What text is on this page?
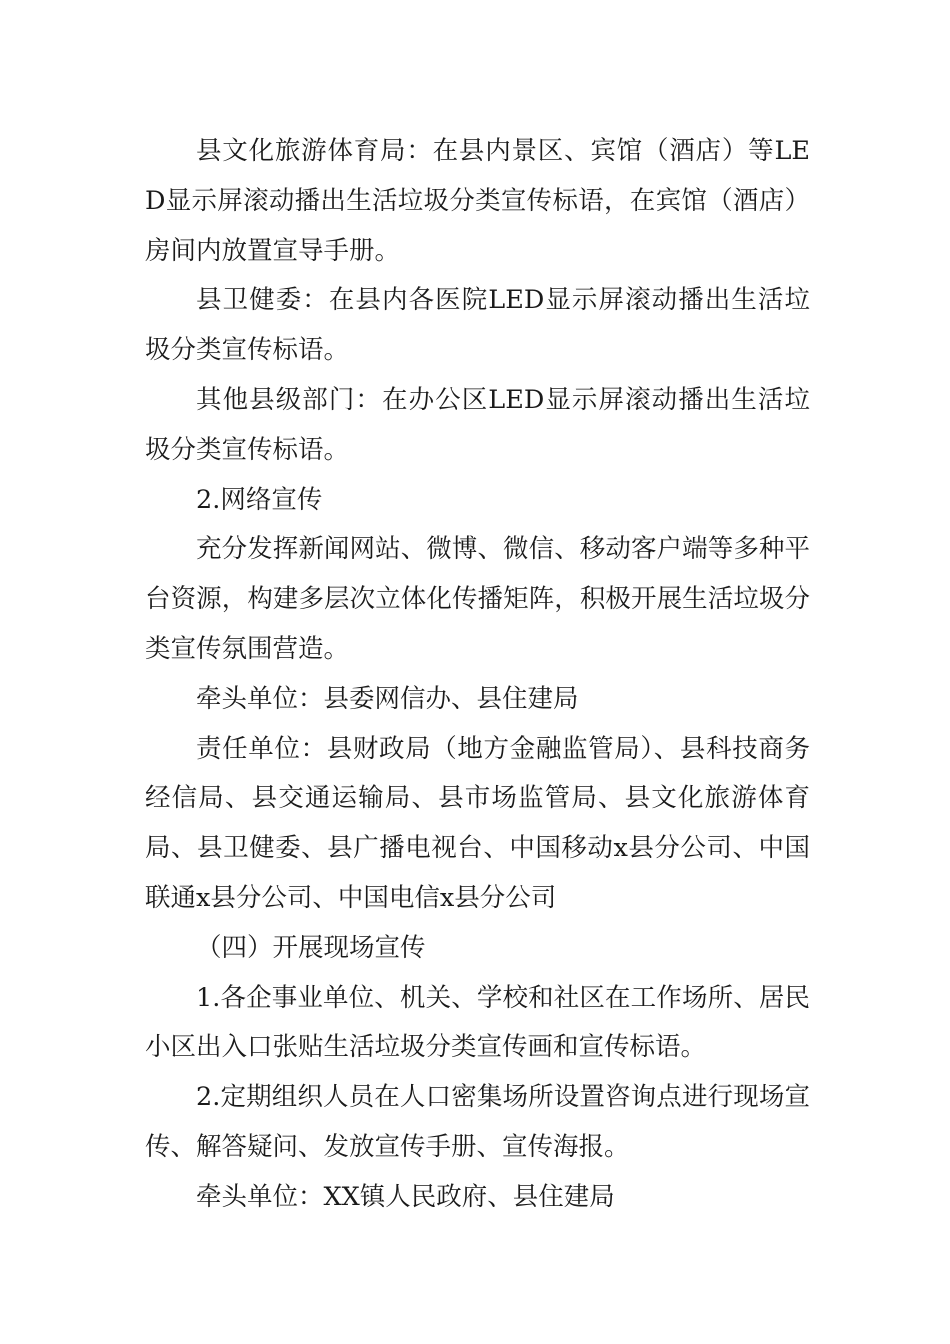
县文化旅游体育局：在县内景区、宾馆（酒店）等LED显示屏滚动播出生活垃圾分类宣传标语，在宾馆（酒店）房间内放置宣导手册。

县卫健委：在县内各医院LED显示屏滚动播出生活垃圾分类宣传标语。

其他县级部门：在办公区LED显示屏滚动播出生活垃圾分类宣传标语。

2.网络宣传

充分发挥新闻网站、微博、微信、移动客户端等多种平台资源，构建多层次立体化传播矩阵，积极开展生活垃圾分类宣传氛围营造。

牵头单位：县委网信办、县住建局

责任单位：县财政局（地方金融监管局）、县科技商务经信局、县交通运输局、县市场监管局、县文化旅游体育局、县卫健委、县广播电视台、中国移动x县分公司、中国联通x县分公司、中国电信x县分公司

（四）开展现场宣传

1.各企事业单位、机关、学校和社区在工作场所、居民小区出入口张贴生活垃圾分类宣传画和宣传标语。

2.定期组织人员在人口密集场所设置咨询点进行现场宣传、解答疑问、发放宣传手册、宣传海报。

牵头单位：XX镇人民政府、县住建局
